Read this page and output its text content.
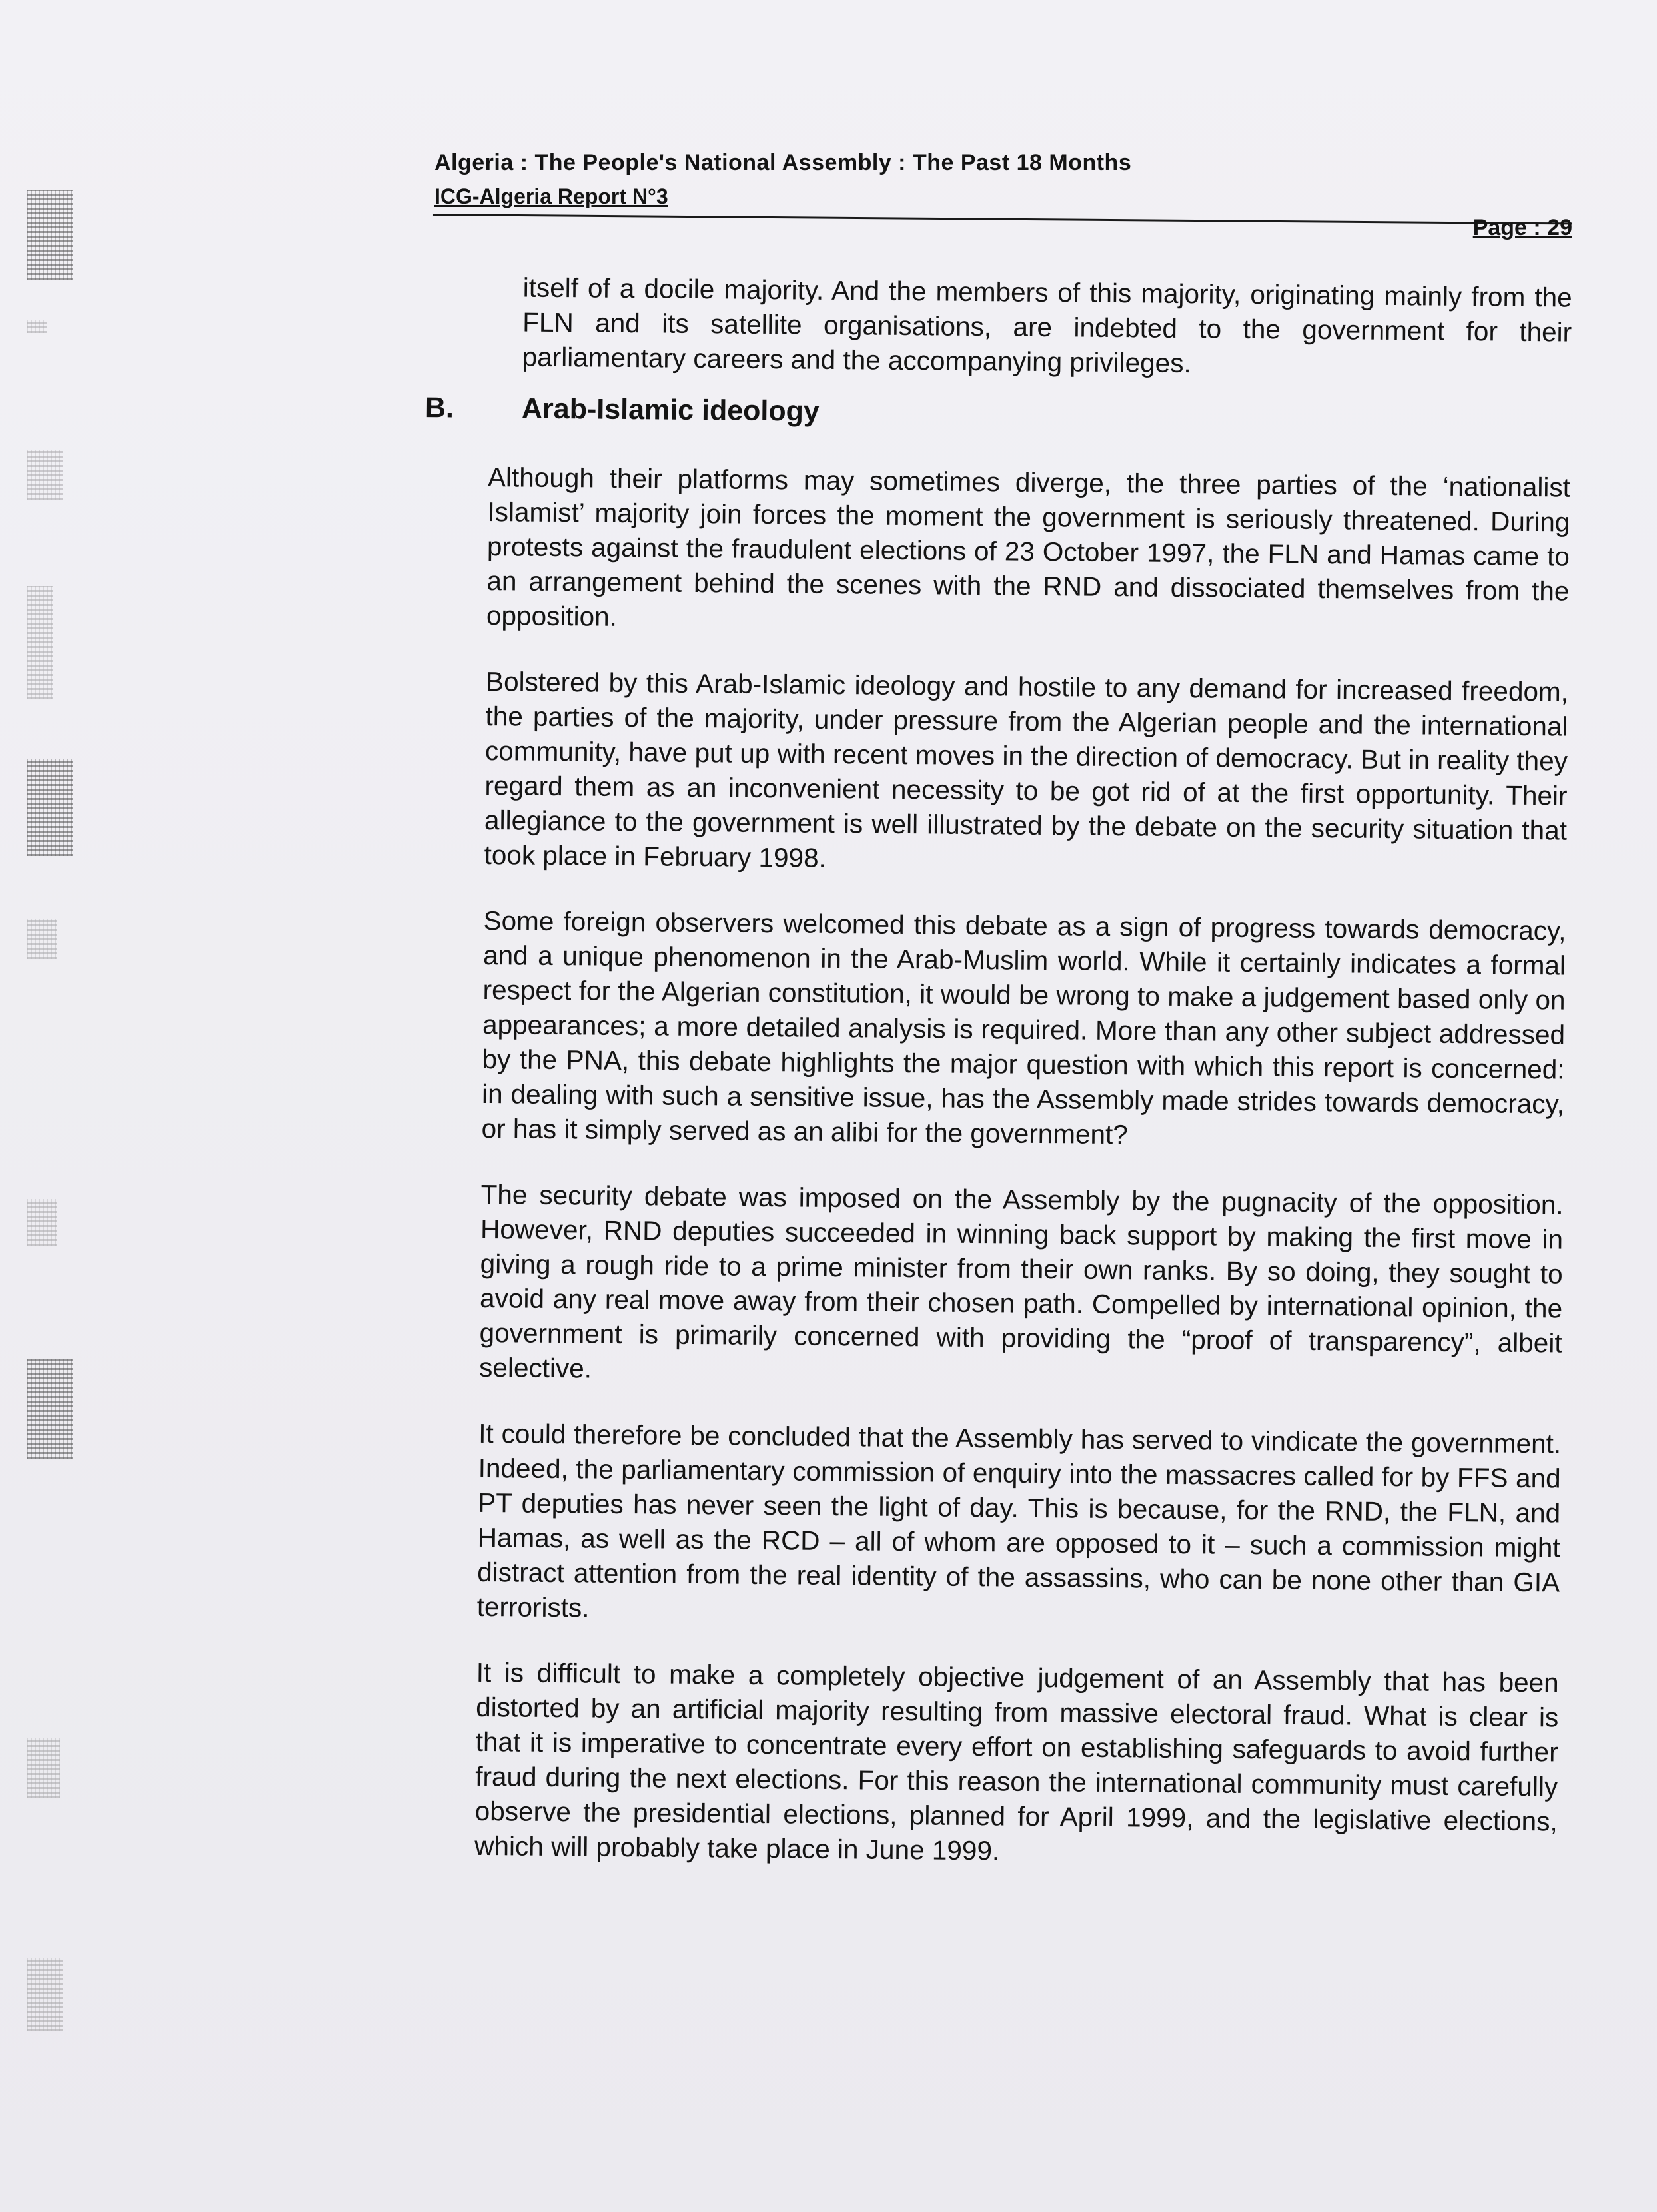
Algeria : The People's National Assembly : The Past 18 Months
ICG-Algeria Report N°3
Page : 29

itself of a docile majority. And the members of this majority, originating mainly from the FLN and its satellite organisations, are indebted to the government for their parliamentary careers and the accompanying privileges.

B.	Arab-Islamic ideology

Although their platforms may sometimes diverge, the three parties of the ‘nationalist Islamist’ majority join forces the moment the government is seriously threatened. During protests against the fraudulent elections of 23 October 1997, the FLN and Hamas came to an arrangement behind the scenes with the RND and dissociated themselves from the opposition.

Bolstered by this Arab-Islamic ideology and hostile to any demand for increased freedom, the parties of the majority, under pressure from the Algerian people and the international community, have put up with recent moves in the direction of democracy. But in reality they regard them as an inconvenient necessity to be got rid of at the first opportunity. Their allegiance to the government is well illustrated by the debate on the security situation that took place in February 1998.

Some foreign observers welcomed this debate as a sign of progress towards democracy, and a unique phenomenon in the Arab-Muslim world. While it certainly indicates a formal respect for the Algerian constitution, it would be wrong to make a judgement based only on appearances; a more detailed analysis is required. More than any other subject addressed by the PNA, this debate highlights the major question with which this report is concerned: in dealing with such a sensitive issue, has the Assembly made strides towards democracy, or has it simply served as an alibi for the government?

The security debate was imposed on the Assembly by the pugnacity of the opposition. However, RND deputies succeeded in winning back support by making the first move in giving a rough ride to a prime minister from their own ranks. By so doing, they sought to avoid any real move away from their chosen path. Compelled by international opinion, the government is primarily concerned with providing the “proof of transparency”, albeit selective.

It could therefore be concluded that the Assembly has served to vindicate the government. Indeed, the parliamentary commission of enquiry into the massacres called for by FFS and PT deputies has never seen the light of day. This is because, for the RND, the FLN, and Hamas, as well as the RCD – all of whom are opposed to it – such a commission might distract attention from the real identity of the assassins, who can be none other than GIA terrorists.

It is difficult to make a completely objective judgement of an Assembly that has been distorted by an artificial majority resulting from massive electoral fraud. What is clear is that it is imperative to concentrate every effort on establishing safeguards to avoid further fraud during the next elections. For this reason the international community must carefully observe the presidential elections, planned for April 1999, and the legislative elections, which will probably take place in June 1999.
